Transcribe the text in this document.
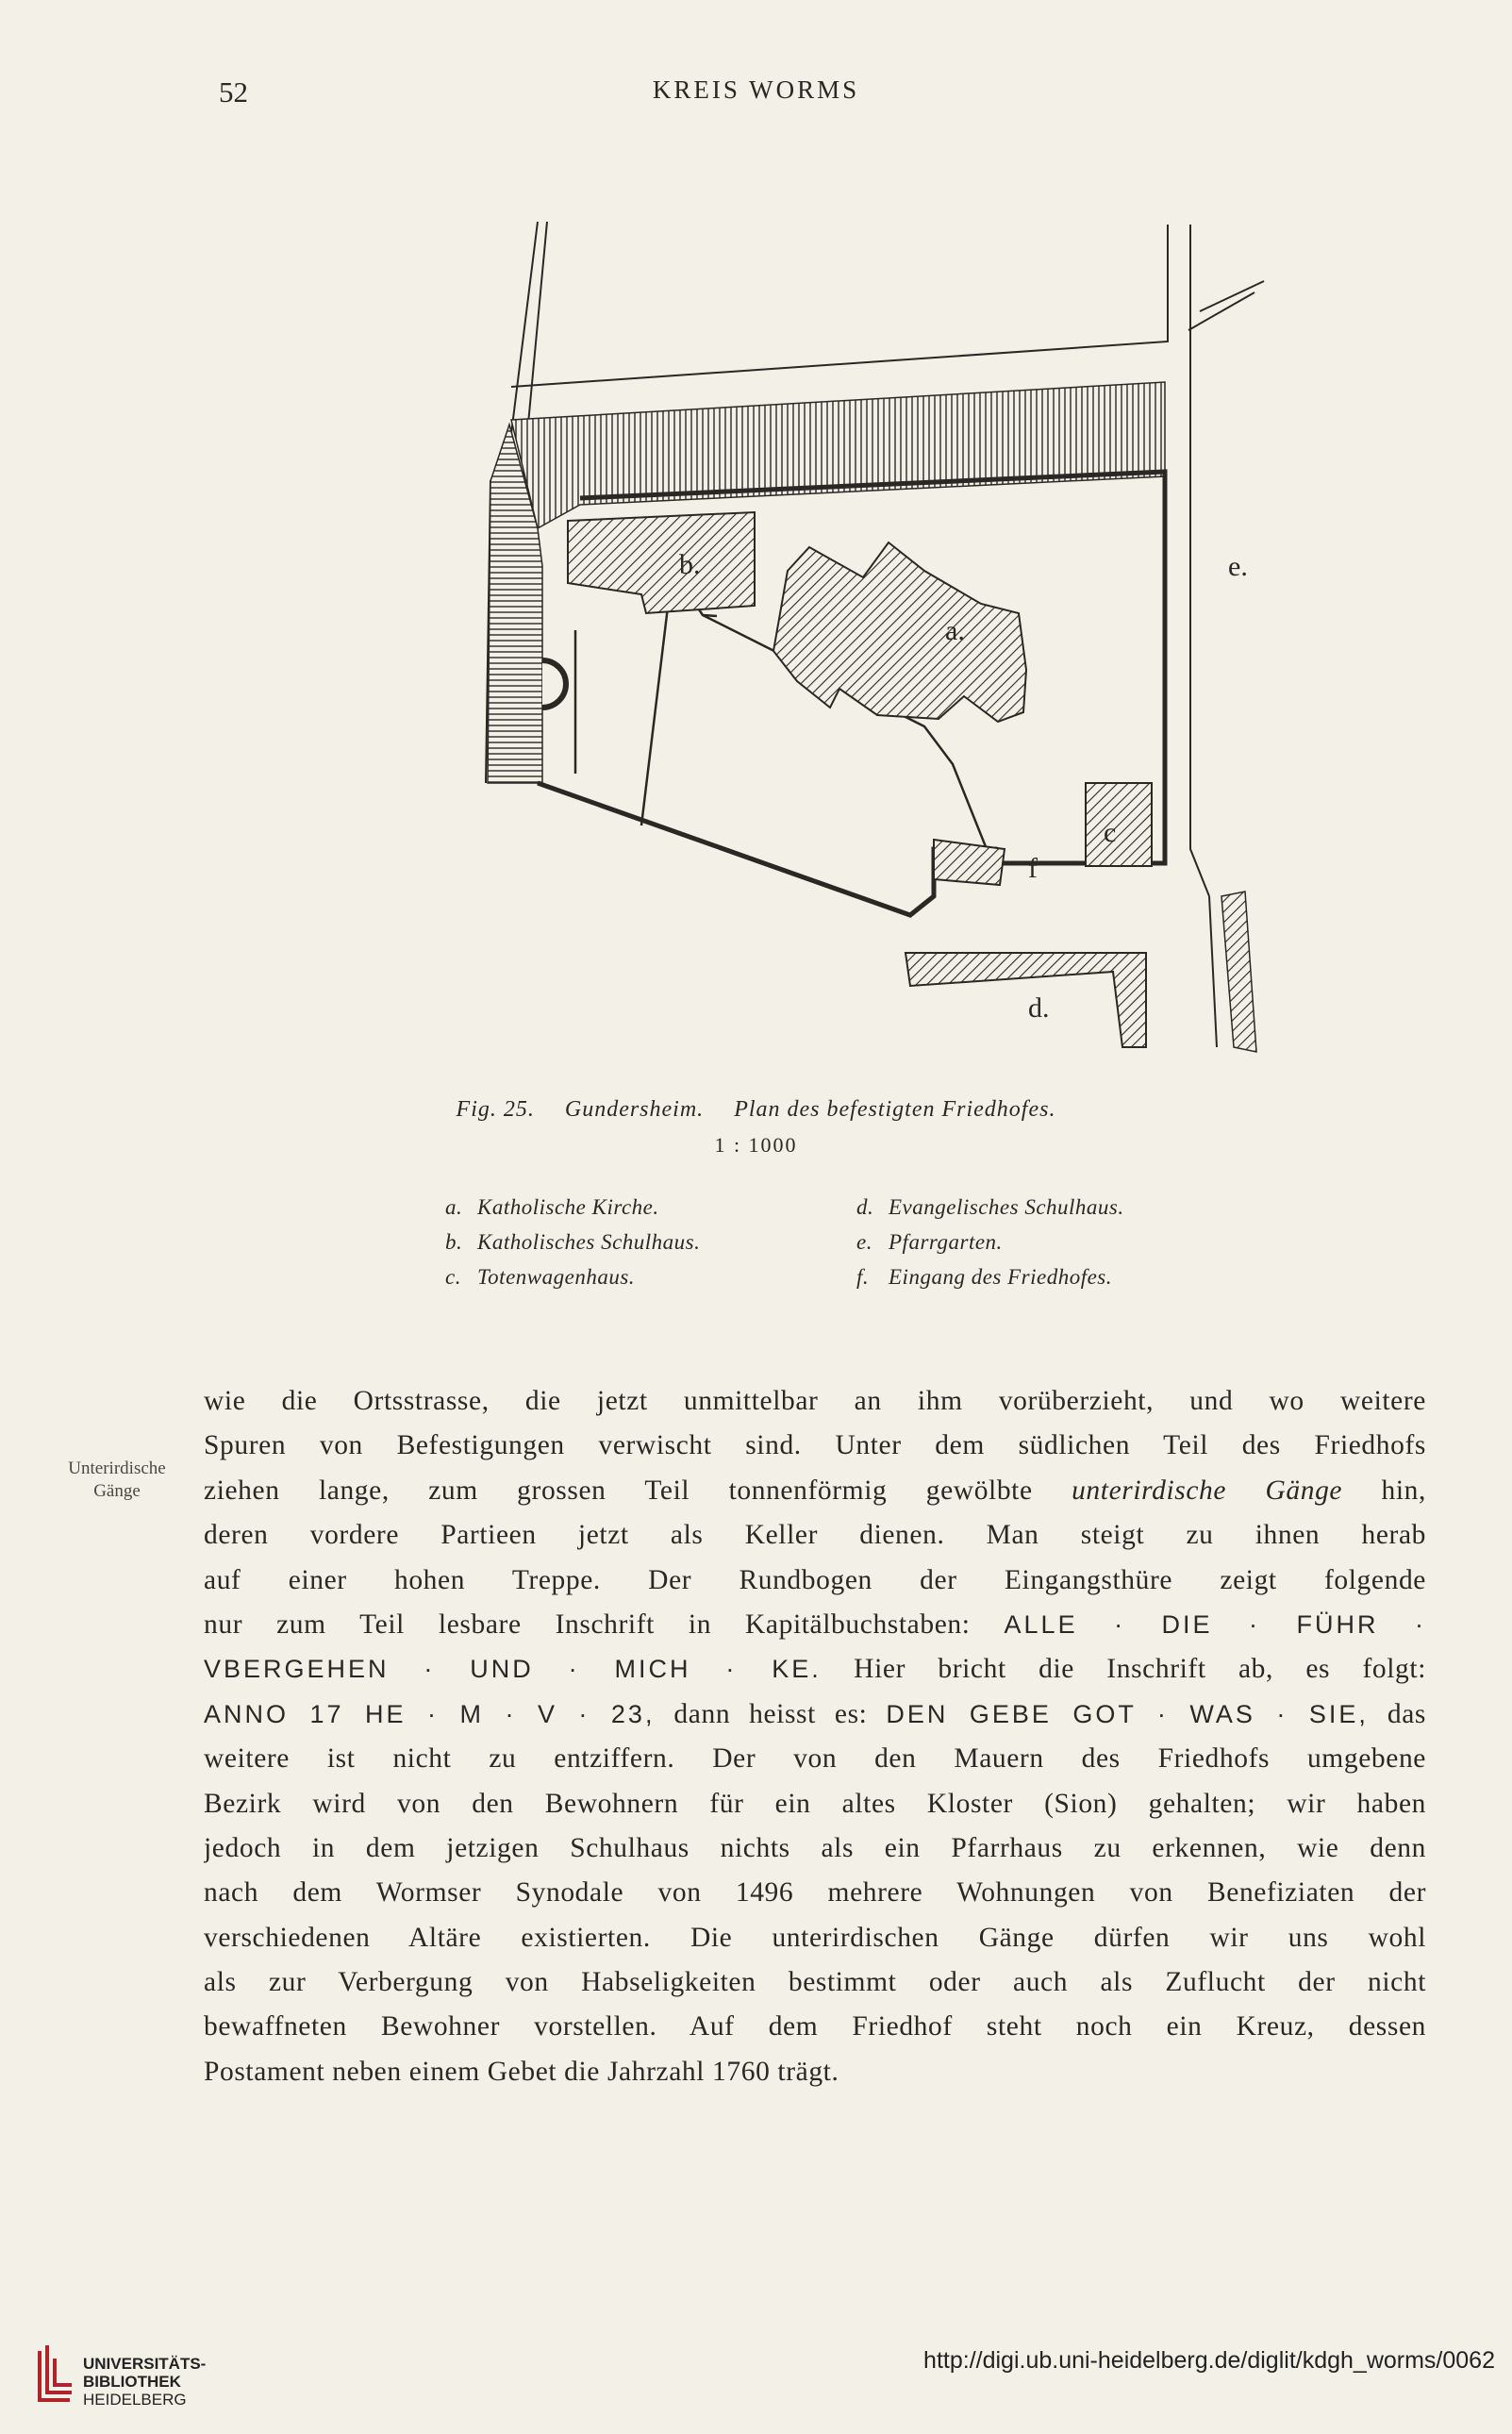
52	KREIS WORMS
b.
a.
c
f
d.
e.
Fig. 25. Gundersheim. Plan des befestigten Friedhofes.
1 : 1000
a. Katholische Kirche.
b. Katholisches Schulhaus.
c. Totenwagenhaus.
d. Evangelisches Schulhaus.
e. Pfarrgarten.
f. Eingang des Friedhofes.
Unterirdische
Gänge
wie die Ortsstrasse, die jetzt unmittelbar an ihm vorüberzieht, und wo weitere
Spuren von Befestigungen verwischt sind. Unter dem südlichen Teil des Friedhofs
ziehen lange, zum grossen Teil tonnenförmig gewölbte unterirdische Gänge hin,
deren vordere Partieen jetzt als Keller dienen. Man steigt zu ihnen herab
auf einer hohen Treppe. Der Rundbogen der Eingangsthüre zeigt folgende
nur zum Teil lesbare Inschrift in Kapitälbuchstaben: ALLE · DIE · FÜHR ·
VBERGEHEN · UND · MICH · KE. Hier bricht die Inschrift ab, es folgt:
ANNO 17 HE · M · V · 23, dann heisst es: DEN GEBE GOT · WAS · SIE, das
weitere ist nicht zu entziffern. Der von den Mauern des Friedhofs umgebene
Bezirk wird von den Bewohnern für ein altes Kloster (Sion) gehalten; wir haben
jedoch in dem jetzigen Schulhaus nichts als ein Pfarrhaus zu erkennen, wie denn
nach dem Wormser Synodale von 1496 mehrere Wohnungen von Benefiziaten der
verschiedenen Altäre existierten. Die unterirdischen Gänge dürfen wir uns wohl
als zur Verbergung von Habseligkeiten bestimmt oder auch als Zuflucht der nicht
bewaffneten Bewohner vorstellen. Auf dem Friedhof steht noch ein Kreuz, dessen
Postament neben einem Gebet die Jahrzahl 1760 trägt.
UNIVERSITÄTS-
BIBLIOTHEK
HEIDELBERG
http://digi.ub.uni-heidelberg.de/diglit/kdgh_worms/0062
